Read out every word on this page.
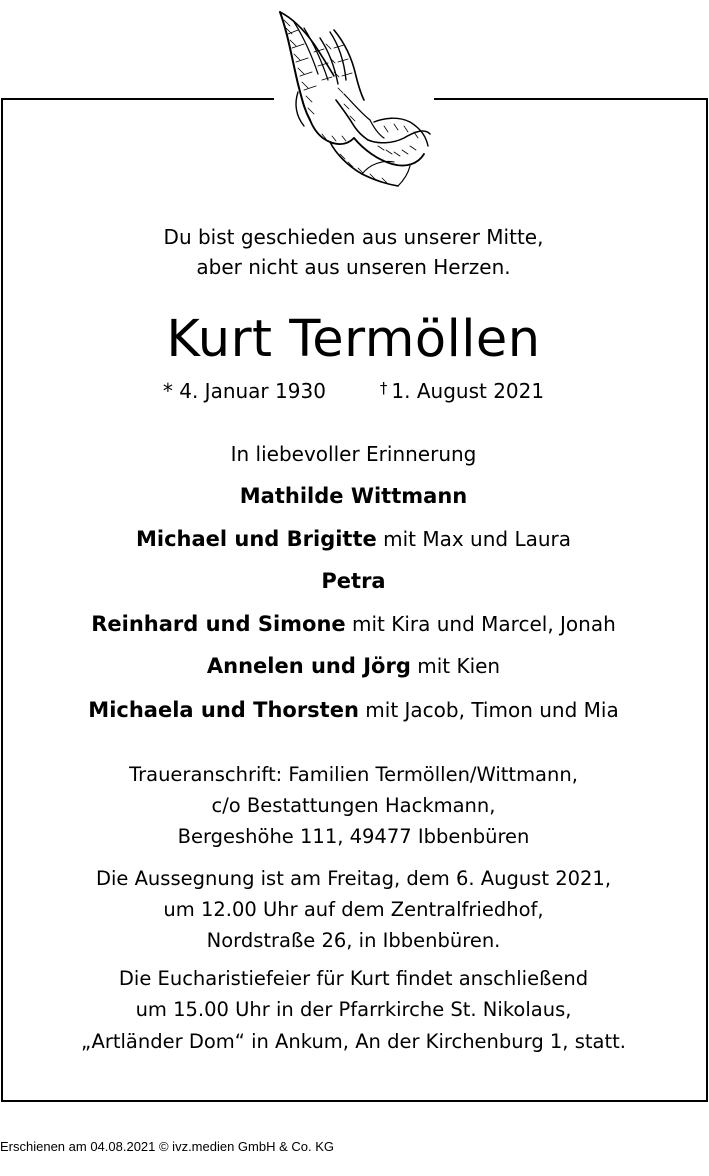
Du bist geschieden aus unserer Mitte,
aber nicht aus unseren Herzen.
Kurt Termöllen
* 4. Januar 1930	† 1. August 2021
In liebevoller Erinnerung
Mathilde Wittmann
Michael und Brigitte mit Max und Laura
Petra
Reinhard und Simone mit Kira und Marcel, Jonah
Annelen und Jörg mit Kien
Michaela und Thorsten mit Jacob, Timon und Mia
Traueranschrift: Familien Termöllen/Wittmann,
c/o Bestattungen Hackmann,
Bergeshöhe 111, 49477 Ibbenbüren
Die Aussegnung ist am Freitag, dem 6. August 2021,
um 12.00 Uhr auf dem Zentralfriedhof,
Nordstraße 26, in Ibbenbüren.
Die Eucharistiefeier für Kurt findet anschließend
um 15.00 Uhr in der Pfarrkirche St. Nikolaus,
„Artländer Dom“ in Ankum, An der Kirchenburg 1, statt.
Erschienen am 04.08.2021 © ivz.medien GmbH & Co. KG
